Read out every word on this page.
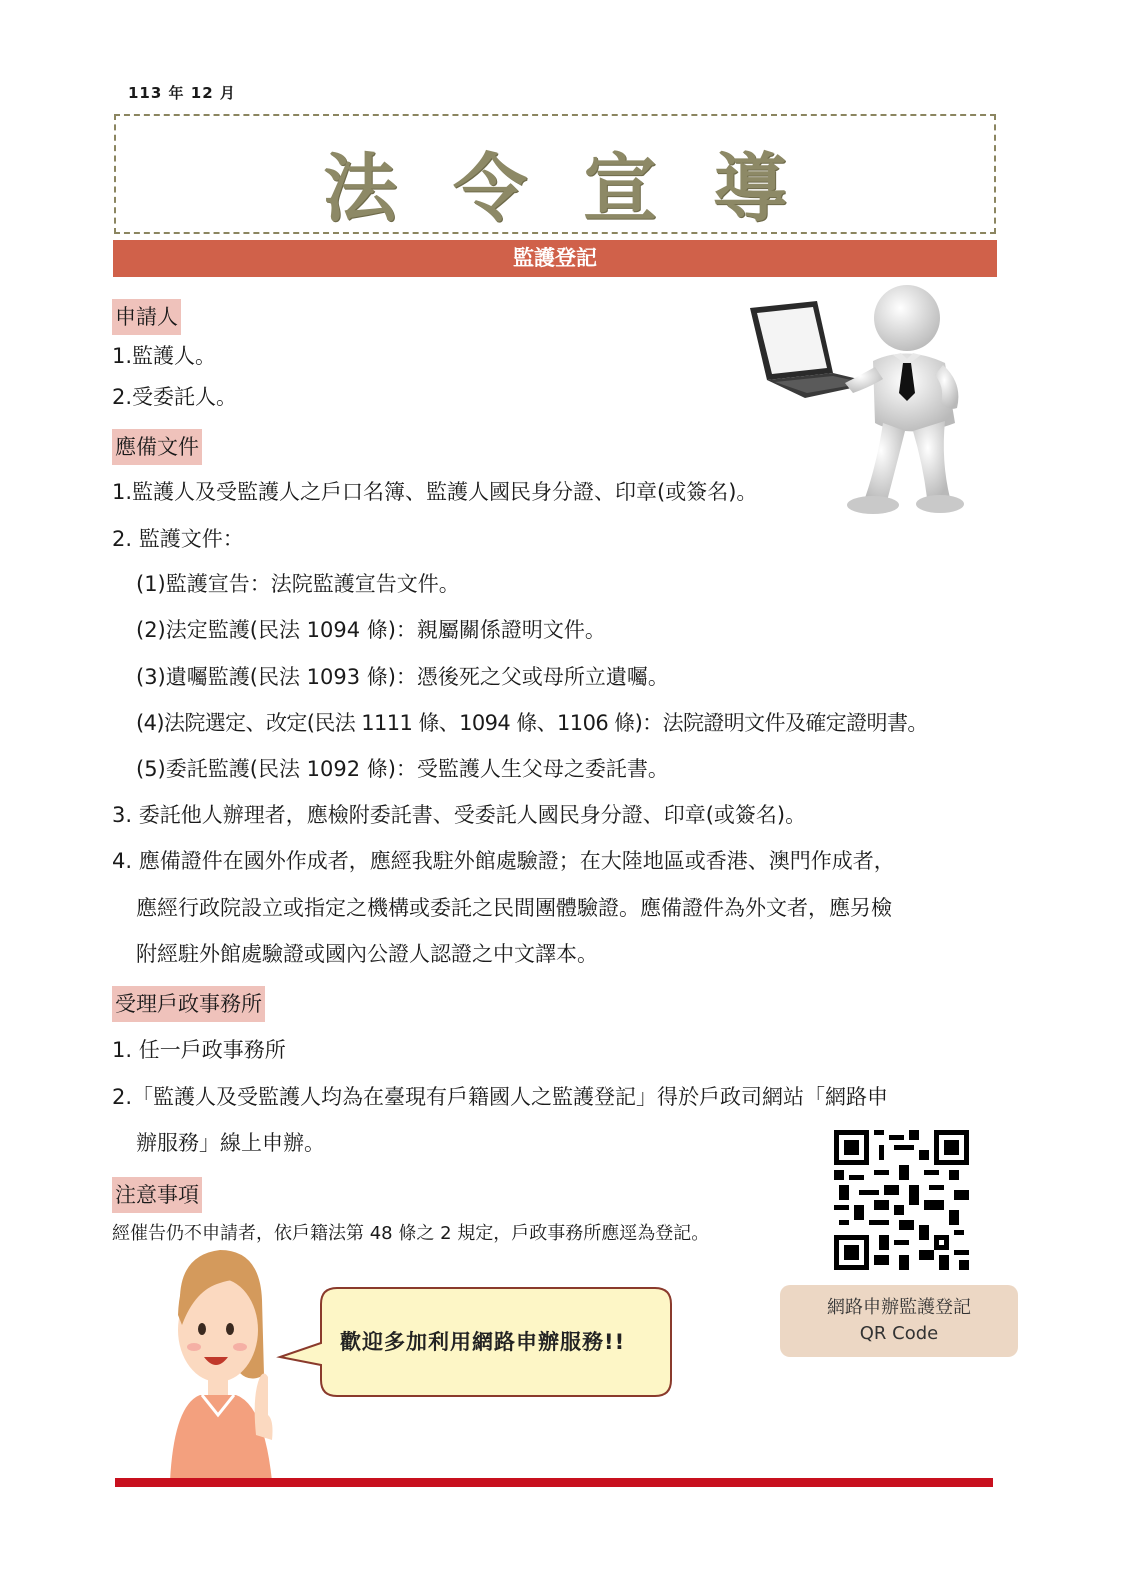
113 年 12 月
法令宣導
監護登記
申請人
1.監護人。
2.受委託人。
應備文件
1.監護人及受監護人之戶口名簿、監護人國民身分證、印章(或簽名)。
2. 監護文件：
(1)監護宣告：法院監護宣告文件。
(2)法定監護(民法 1094 條)：親屬關係證明文件。
(3)遺囑監護(民法 1093 條)：憑後死之父或母所立遺囑。
(4)法院選定、改定(民法 1111 條、1094 條、1106 條)：法院證明文件及確定證明書。
(5)委託監護(民法 1092 條)：受監護人生父母之委託書。
3. 委託他人辦理者，應檢附委託書、受委託人國民身分證、印章(或簽名)。
4. 應備證件在國外作成者，應經我駐外館處驗證；在大陸地區或香港、澳門作成者，
應經行政院設立或指定之機構或委託之民間團體驗證。應備證件為外文者，應另檢
附經駐外館處驗證或國內公證人認證之中文譯本。
受理戶政事務所
1. 任一戶政事務所
2.「監護人及受監護人均為在臺現有戶籍國人之監護登記」得於戶政司網站「網路申
辦服務」線上申辦。
注意事項
經催告仍不申請者，依戶籍法第 48 條之 2 規定，戶政事務所應逕為登記。
網路申辦監護登記
QR Code
歡迎多加利用網路申辦服務!!
